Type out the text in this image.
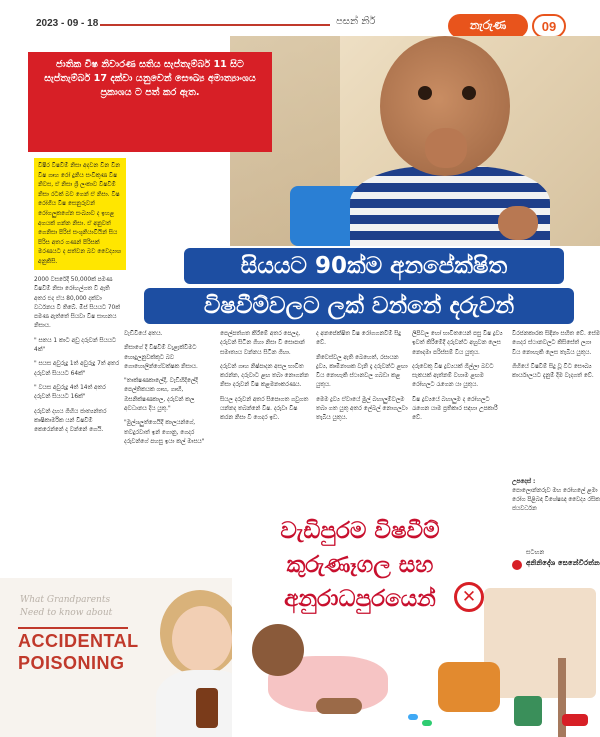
2023 - 09 - 18	පසන් නිර්	නැරුණ	09

ජාතික විෂ නිවාරණ සතිය සැප්තැම්බර් 11 සිට සැප්තැම්බර් 17 දක්වා යනුවෙන් සෞඛ්‍ය අමාත්‍යාංශය ප්‍රකාශය ට පත් කර ඇත.

විෂීර විෂවීම් නිසා අදවන වින වින විෂ ගෘහ රෝ දුනිය සංවිකුණ විෂ නිවස, ඒ නිසා ශ්‍රී ලංකාව විෂවීම් නිසා රටක් බව ගෙන් ඒ නිසා. විෂ රෝගීය විෂ සෙනුරුවන් රෝගලුකගේන සංඛ්‍යාව ද ඉහළ අගයක් ගන්න නිසා. ඒ අනුවත් ගෙනිසා පිරිස් සංශුනියාවියින් සිය පිරිස අතර ගණන් පිරිසක් මරණයට ද පත්වන බව වෛද්‍යාශ අනුකිසි.	සියයට 90ක්ම අනපේක්ෂිත
විෂවීම්වලට ලක් වන්නේ දරුවන්

2000 වසරේදී 50,000ක් පමණ විෂවීම් නිසා රෝහල්ගත වී ඇති අතර එද ඒය 80,000 දක්වා වර්ධනය වී තිබේ. මිස් සියයට 70ක් පමණ ඇත්තේ සියවා විෂ සාහනය නිසාය.

" සතය 1 කාට අඩු දරුවන් සියයට 4ක්"

" සයස අවුරුදු 1ත් අවුරුදු 7ත් අතර දරුවන් සියයට 64ක්"

" වයස අවුරුදු 4ත් 14ත් අතර දරුවන් සියයට 16ක්"

දරුවන් දහය ගිහිය ජාත්‍යන්තර කෘෂිකාර්මික යන් විෂවීම් කෙරෙන්නේ ද වන්නේ ගෙයි.

වැඩිවියේ අතය.

නිසාගේ දී විෂවීම් වැළැක්වීමට හොදුලනුවක්කුට බව ගොහොලින්ගේවක්ෂක නිසාය.

"තාක්ෂණකාලේදී, වැඩිහිදිලේදී පෙල්තිකයක ගෘහ, ගෘහී, ඔසනික්ෂණකාල, දරුවන් කල අවධානය දිය යුතු."

"මුල්ශලුත්ගෙයිදී කාලයන්ගේ, තවදුරවාත් ඉන් ගොනු, ගෙදර දරුවන්ගේ පහසු ඉයා කල් මාසය"

පෙල්පත්ගත කිරීමේ අතර පෙලද, දරුවන් සිටින ගිහා නිසා වි සොපාන් සමාත්‍යය වන්නය සිටින ගිහා.

දරුවන් ගෘහ නිෂ්පාදන අසල භාවිත කරන්න, දරුවාට ළඟ තබා නොගන්න නිසා දරුවන් විෂ කළමනාකරණය.

සියල දරුවන් අතර සිපොගත ගවුගත යන්නද තබන්නේ විෂ. දරුවා විෂ කරන නිසා වි ගෙදර ඉඩ.

ද අනපේක්ෂිත විෂ රෝගගනවීම් සිදු වේ.

නිවෙස්වල ඇති බෙහෙත්, රසායන ද්‍රව්‍ය, කෘමිනාශක වැනි දෑ දරුවන්ට ළඟා විය නොහැකි ස්ථානවල ගබඩා කළ යුතුය.

මෙම ද්‍රව්‍ය ඒවායේ මුල් බහාලුම්වලම තබා ගත යුතු අතර ලේබල් නොගලවා තැබිය යුතුය.

ලිපිවල හෝ භාවිතයෙන් පසු විෂ ද්‍රව්‍ය ඉවත් කිරීමේදී දරුවන්ට අහුවන ලෙස නොදමා පරිස්සම් විය යුතුය.

දරුවෙකු විෂ ද්‍රව්‍යයක් ගිල්ලා බවට සැකයක් ඇත්නම් වහාම ළඟම රෝහලට රැගෙන යා යුතුය.

විෂ ද්‍රව්‍යයේ බහාලුම ද රෝහලට රැගෙන යාම ප්‍රතිකාර සඳහා උපකාරී වේ.

විරජනකාරක සිඳිනා සහිත වේ. සේම ගෙදර ස්ථානවලට කිසිසේත් ලගා විය නොහැකි ලෙස තැබිය යුතුය.

ගිහියේ විෂවීම් සිදු වූ විට සෞඛ්‍ය කාර්යාලයට දැනුම් දීම වැදගත් වේ.

උපදෙස් :

පොලොන්නරුව මහ රෝහලේ ළමා රෝග පිළිබඳ විශේෂඥ වෛද්‍ය රසික ජයවර්ධන

සටහන
අනිනිදේශ සෙනේවිරත්න
වැඩිපුරම විෂවීම්
කුරුණෑගල සහ අනුරාධපුරයෙන්
What Grandparents
Need to know about
ACCIDENTAL
POISONING
✕
